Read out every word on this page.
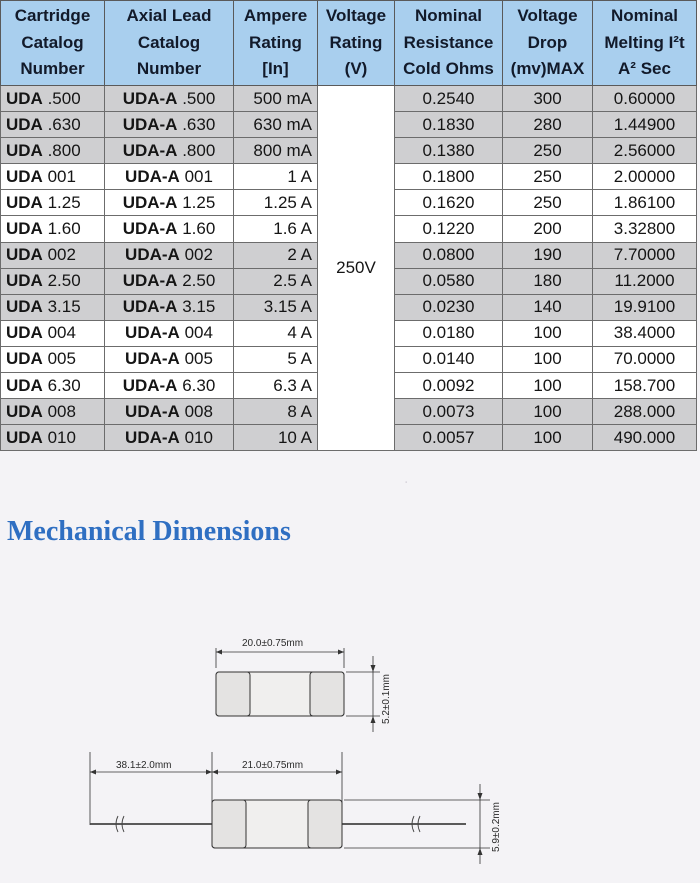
.
Cartridge
Catalog
Number	Axial Lead
Catalog
Number	Ampere
Rating
[In]	Voltage
Rating
(V)	Nominal
Resistance
Cold Ohms	Voltage
Drop
(mv)MAX	Nominal
Melting I²t
A² Sec
UDA .500	UDA-A .500	500 mA	250V	0.2540	300	0.60000
UDA .630	UDA-A .630	630 mA		0.1830	280	1.44900
UDA .800	UDA-A .800	800 mA		0.1380	250	2.56000
UDA 001	UDA-A 001	1 A		0.1800	250	2.00000
UDA 1.25	UDA-A 1.25	1.25 A		0.1620	250	1.86100
UDA 1.60	UDA-A 1.60	1.6 A		0.1220	200	3.32800
UDA 002	UDA-A 002	2 A		0.0800	190	7.70000
UDA 2.50	UDA-A 2.50	2.5 A		0.0580	180	11.2000
UDA 3.15	UDA-A 3.15	3.15 A		0.0230	140	19.9100
UDA 004	UDA-A 004	4 A		0.0180	100	38.4000
UDA 005	UDA-A 005	5 A		0.0140	100	70.0000
UDA 6.30	UDA-A 6.30	6.3 A		0.0092	100	158.700
UDA 008	UDA-A 008	8 A		0.0073	100	288.000
UDA 010	UDA-A 010	10 A		0.0057	100	490.000
Mechanical Dimensions
20.0±0.75mm
5.2±0.1mm
38.1±2.0mm	21.0±0.75mm
5.9±0.2mm
